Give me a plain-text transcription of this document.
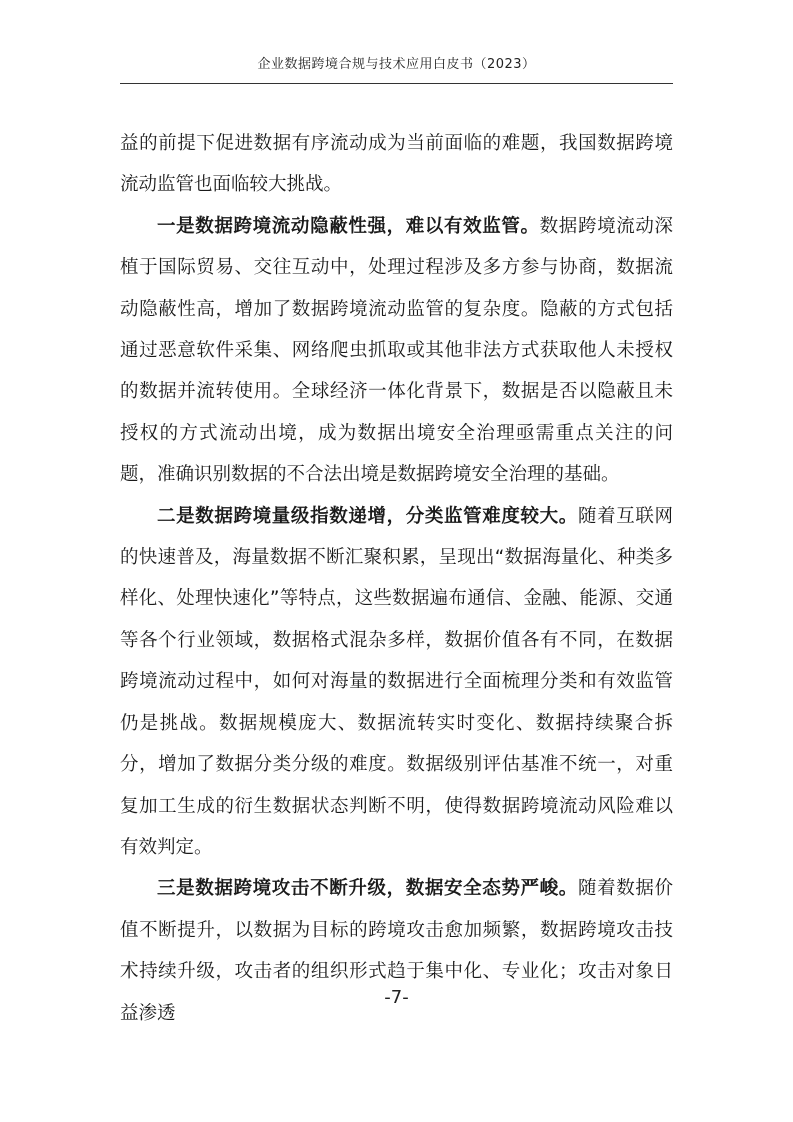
企业数据跨境合规与技术应用白皮书（2023）

益的前提下促进数据有序流动成为当前面临的难题，我国数据跨境流动监管也面临较大挑战。

一是数据跨境流动隐蔽性强，难以有效监管。数据跨境流动深植于国际贸易、交往互动中，处理过程涉及多方参与协商，数据流动隐蔽性高，增加了数据跨境流动监管的复杂度。隐蔽的方式包括通过恶意软件采集、网络爬虫抓取或其他非法方式获取他人未授权的数据并流转使用。全球经济一体化背景下，数据是否以隐蔽且未授权的方式流动出境，成为数据出境安全治理亟需重点关注的问题，准确识别数据的不合法出境是数据跨境安全治理的基础。

二是数据跨境量级指数递增，分类监管难度较大。随着互联网的快速普及，海量数据不断汇聚积累，呈现出“数据海量化、种类多样化、处理快速化”等特点，这些数据遍布通信、金融、能源、交通等各个行业领域，数据格式混杂多样，数据价值各有不同，在数据跨境流动过程中，如何对海量的数据进行全面梳理分类和有效监管仍是挑战。数据规模庞大、数据流转实时变化、数据持续聚合拆分，增加了数据分类分级的难度。数据级别评估基准不统一，对重复加工生成的衍生数据状态判断不明，使得数据跨境流动风险难以有效判定。

三是数据跨境攻击不断升级，数据安全态势严峻。随着数据价值不断提升，以数据为目标的跨境攻击愈加频繁，数据跨境攻击技术持续升级，攻击者的组织形式趋于集中化、专业化；攻击对象日益渗透

-7-
